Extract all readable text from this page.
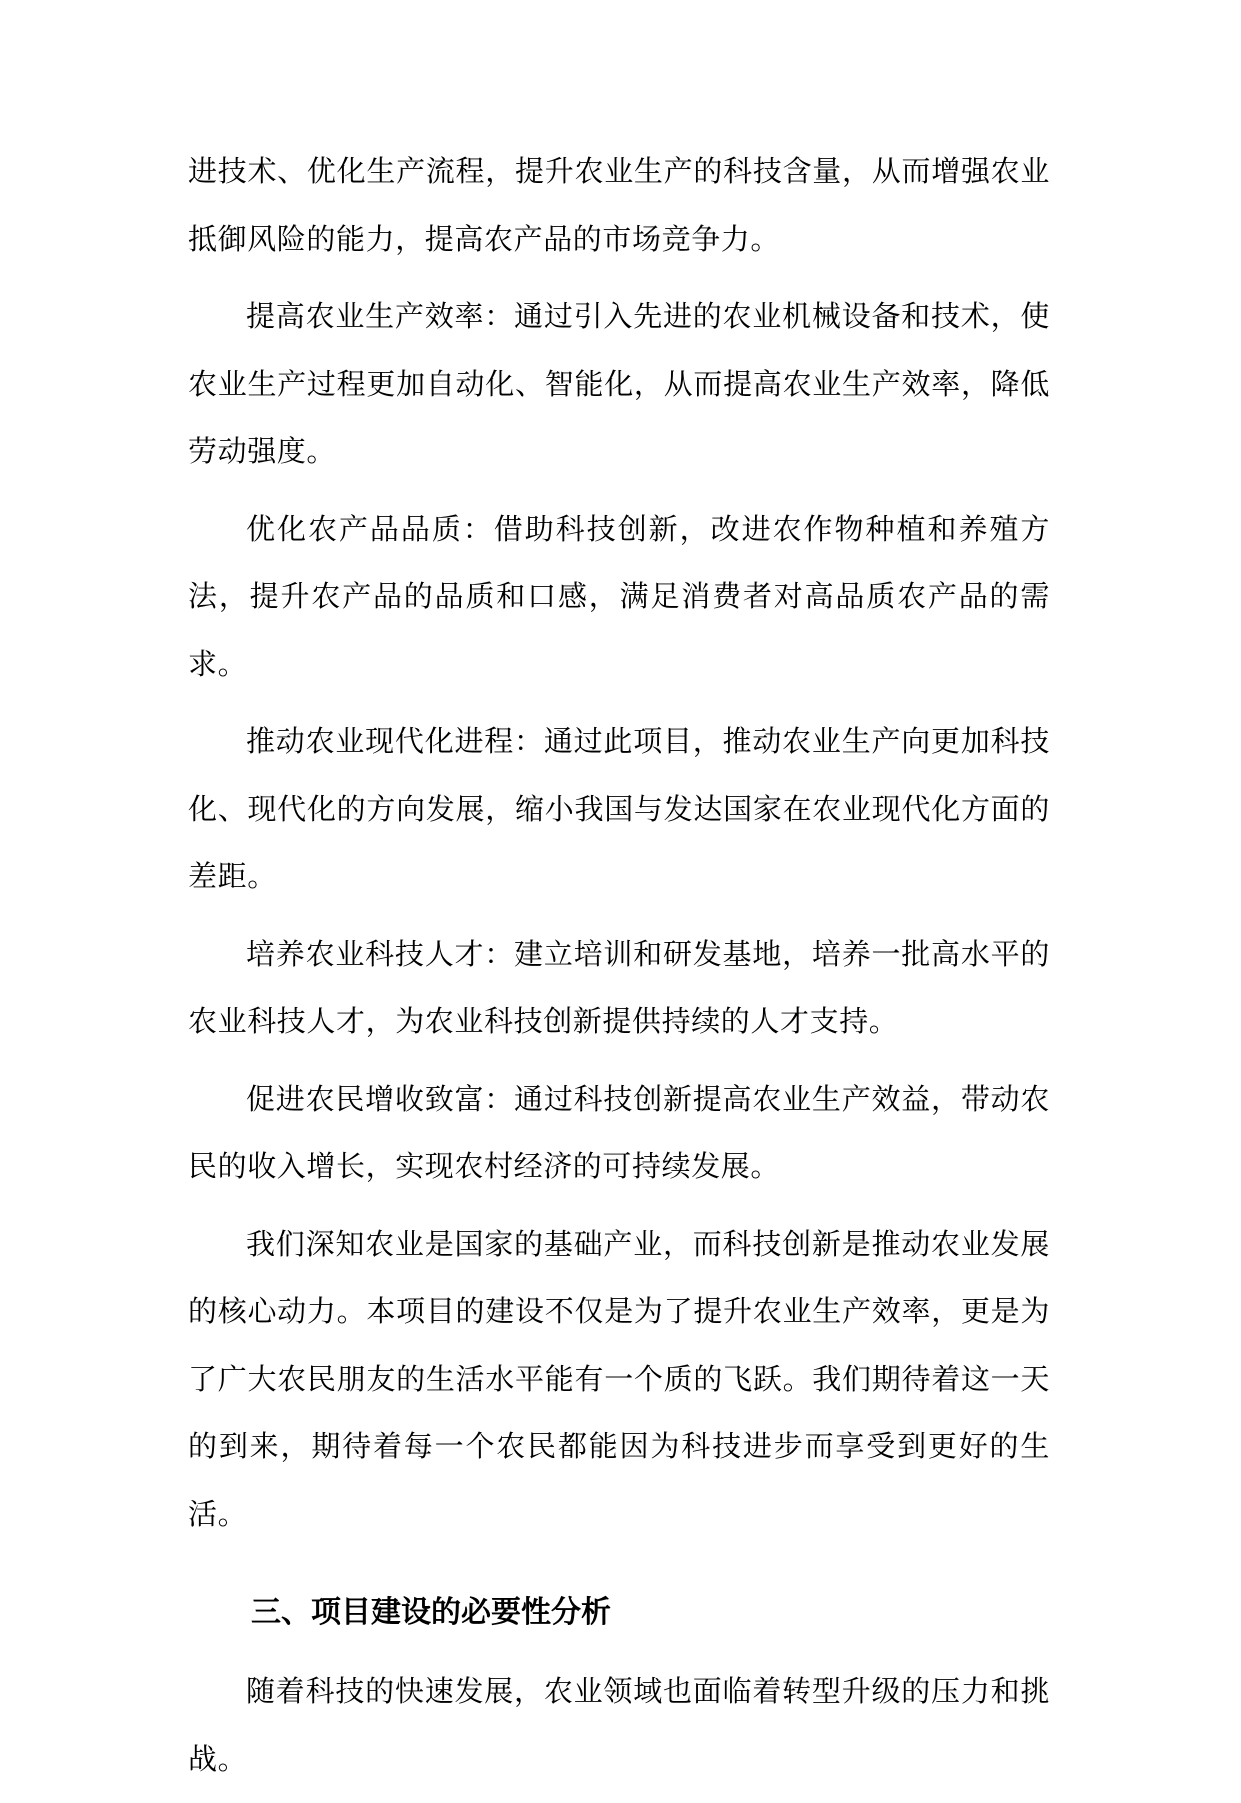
进技术、优化生产流程，提升农业生产的科技含量，从而增强农业抵御风险的能力，提高农产品的市场竞争力。

提高农业生产效率：通过引入先进的农业机械设备和技术，使农业生产过程更加自动化、智能化，从而提高农业生产效率，降低劳动强度。

优化农产品品质：借助科技创新，改进农作物种植和养殖方法，提升农产品的品质和口感，满足消费者对高品质农产品的需求。

推动农业现代化进程：通过此项目，推动农业生产向更加科技化、现代化的方向发展，缩小我国与发达国家在农业现代化方面的差距。

培养农业科技人才：建立培训和研发基地，培养一批高水平的农业科技人才，为农业科技创新提供持续的人才支持。

促进农民增收致富：通过科技创新提高农业生产效益，带动农民的收入增长，实现农村经济的可持续发展。

我们深知农业是国家的基础产业，而科技创新是推动农业发展的核心动力。本项目的建设不仅是为了提升农业生产效率，更是为了广大农民朋友的生活水平能有一个质的飞跃。我们期待着这一天的到来，期待着每一个农民都能因为科技进步而享受到更好的生活。

三、项目建设的必要性分析

随着科技的快速发展，农业领域也面临着转型升级的压力和挑战。
